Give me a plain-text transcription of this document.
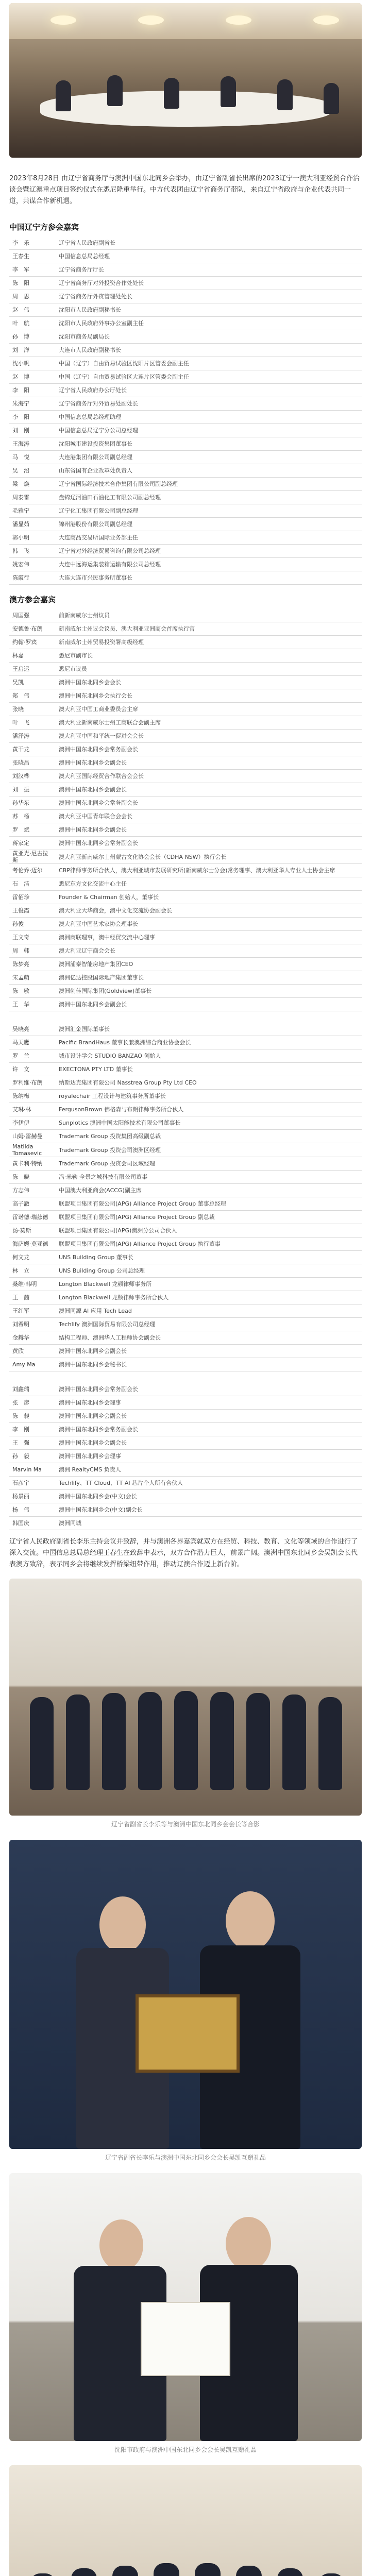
2023年8月28日 由辽宁省商务厅与澳洲中国东北同乡会举办，由辽宁省副省长出席的2023辽宁一澳大利亚经贸合作洽谈会暨辽澳重点项目签约仪式在悉尼隆重举行。中方代表团由辽宁省商务厅带队，来自辽宁省政府与企业代表共同一道，共谋合作新机遇。
中国辽宁方参会嘉宾
李　乐	辽宁省人民政府副省长
王春生	中国信息总局总经理
李　军	辽宁省商务厅厅长
陈　阳	辽宁省商务厅对外投资合作处处长
周　思	辽宁省商务厅外资管理处处长
赵　伟	沈阳市人民政府副秘书长
叶　航	沈阳市人民政府外事办公室副主任
孙　博	沈阳市商务局副局长
刘　洋	大连市人民政府副秘书长
沈小帆	中国（辽宁）自由贸易试验区沈阳片区管委会副主任
赵　博	中国（辽宁）自由贸易试验区大连片区管委会副主任
李　阳	辽宁省人民政府办公厅处长
朱海宁	辽宁省商务厅对外贸易处副处长
李　阳	中国信息总局总经理助理
刘　刚	中国信息总局辽宁分公司总经理
王海涛	沈阳城市建设投资集团董事长
马　悦	大连港集团有限公司副总经理
吴　沼	山东省国有企业改革处负责人
梁　焕	辽宁省国际经济技术合作集团有限公司副总经理
周泰雷	盘锦辽河油田石油化工有限公司副总经理
毛雅宁	辽宁化工集团有限公司副总经理
潘显茹	锦州港股份有限公司副总经理
郭小明	大连商品交易所国际业务部主任
韩　飞	辽宁省对外经济贸易咨询有限公司总经理
姚宏伟	大连中远海运集装箱运输有限公司总经理
陈霞行	大连大连市兴民事务所董事长
澳方参会嘉宾
周国强	前新南威尔士州议员
安德鲁·布朗	新南威尔士州议会议员、澳大利亚亚洲商会首席执行官
约翰·罗宾	新南威尔士州贸易投资署高级经理
林嘉	悉尼市副市长
王启运	悉尼市议员
吴凯	澳洲中国东北同乡会会长
郑　伟	澳洲中国东北同乡会执行会长
张晓	澳大利亚中国工商业委员会主席
叶　飞	澳大利亚新南威尔士州工商联合会副主席
潘泽涛	澳大利亚中国和平统一促进会会长
黄干龙	澳洲中国东北同乡会常务副会长
张晓昌	澳洲中国东北同乡会副会长
刘汉桦	澳大利亚国际经贸合作联合会会长
刘　振	澳洲中国东北同乡会副会长
孙华东	澳洲中国东北同乡会常务副会长
苏　杨	澳大利亚中国青年联合会会长
罗　斌	澳洲中国东北同乡会副会长
蒋家定	澳洲中国东北同乡会常务副会长
黄亚光·尼古拉斯	澳大利亚新南威尔士州蒙古文化协会会长（CDHA NSW）执行会长
考伦乔·迈尔	CBP律师事务所合伙人，澳大利亚城市发展研究所(新南威尔士分会)常务理事、澳大利亚华人专业人士协会主席
石　洁	悉尼东方文化交流中心主任
雷佰珍	Founder & Chairman 创始人，董事长
王俊霞	澳大利亚大华商会，澳中文化交流协会副会长
孙俊	澳大利亚中国艺术家协会理事长
王文奇	澳洲商联理事，澳中经贸交流中心理事
周　韩	澳大利亚辽宁商会会长
陈梦亮	澳洲浦泰智能房地产集团CEO
宋孟萌	澳洲亿达控股国际地产集团董事长
陈　敏	澳洲创佳国际集团(Goldview)董事长
王　华	澳洲中国东北同乡会副会长
吴晓亮	澳洲汇金国际董事长
马天鹰	Pacific BrandHaus 董事长兼澳洲综合商业协会会长
罗　兰	城市设计学会 STUDIO BANZAO 创始人
许　文	EXECTONA PTY LTD 董事长
罗利维·布朗	纳斯达克集团有限公司 Nasstrea Group Pty Ltd CEO
陈纳梅	royalechair 工程设计与建筑事务所董事长
艾琳·林	FergusonBrown 佛格森与布朗律师事务所合伙人
李伊伊	Sunplotics 澳洲中国太阳能技术有限公司董事长
山姆·雷赫曼	Trademark Group 投资集团高级副总裁
Matilda Tomasevic	Trademark Group 投资会司澳洲区经理
黄卡利·特纳	Trademark Group 投资会司区域经理
陈　晓	冯·米勒 全景之城科技有限公司董事
方志伟	中国澳大利亚商会(ACCG)副主席
高子澈	联盟项目集团有限公司(APG) Alliance Project Group 董事总经理
雷诺德·瑞兹德	联盟项目集团有限公司(APG) Alliance Project Group 副总裁
汤·莫斯	联盟项目集团有限公司(APG)澳洲分公司合伙人
海萨姆·莫亚德	联盟项目集团有限公司(APG) Alliance Project Group 执行董事
何文龙	UNS Building Group 董事长
林　立	UNS Building Group 公司总经理
桑维·韩明	Longton Blackwell 龙顿律师事务所
王　茜	Longton Blackwell 龙顿律师事务所合伙人
王红军	澳洲同源 AI 应用 Tech Lead
刘希明	Techlify 澳洲国际贸易有限公司总经理
金赫华	结构工程师、澳洲华人工程师协会副会长
黄欣	澳洲中国东北同乡会副会长
Amy Ma	澳洲中国东北同乡会秘书长
刘鑫瑞	澳洲中国东北同乡会常务副会长
张　彦	澳洲中国东北同乡会理事
陈　昶	澳洲中国东北同乡会副会长
李　刚	澳洲中国东北同乡会常务副会长
王　强	澳洲中国东北同乡会副会长
孙　毅	澳洲中国东北同乡会理事
Marvin Ma	澳洲 RealtyCMS 负责人
石彦宇	Techlify、TT Cloud、TT AI 芯片个人所有合伙人
杨景丽	澳洲中国东北同乡会(中文)会长
杨　伟	澳洲中国东北同乡会(中文)副会长
韩国庆	澳洲同城
辽宁省人民政府副省长李乐主持会议并致辞，并与澳洲各界嘉宾就双方在经贸、科技、教育、文化等领域的合作进行了深入交流。中国信息总局总经理王春生在致辞中表示，双方合作潜力巨大，前景广阔。澳洲中国东北同乡会吴凯会长代表澳方致辞，表示同乡会将继续发挥桥梁纽带作用，推动辽澳合作迈上新台阶。
辽宁省副省长李乐等与澳洲中国东北同乡会会长等合影
辽宁省副省长李乐与澳洲中国东北同乡会会长吴凯互赠礼品
沈阳市政府与澳洲中国东北同乡会会长吴凯互赠礼品
